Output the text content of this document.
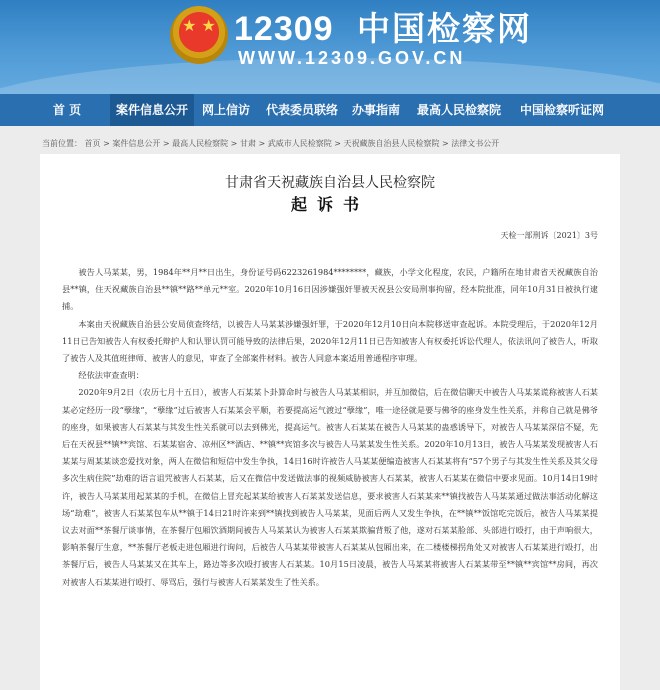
★ ★ 12309 中国检察网
WWW.12309.GOV.CN
首 页	案件信息公开	网上信访	代表委员联络	办事指南	最高人民检察院	中国检察听证网
当前位置： 首页 > 案件信息公开 > 最高人民检察院 > 甘肃 > 武威市人民检察院 > 天祝藏族自治县人民检察院 > 法律文书公开
甘肃省天祝藏族自治县人民检察院
起诉书
天检一部刑诉〔2021〕3号

被告人马某某，男，1984年**月**日出生，身份证号码6223261984********，藏族，小学文化程度，农民，户籍所在地甘肃省天祝藏族自治县**镇，住天祝藏族自治县**镇**路**单元**室。2020年10月16日因涉嫌强奸罪被天祝县公安局刑事拘留，经本院批准，同年10月31日被执行逮捕。

本案由天祝藏族自治县公安局侦查终结，以被告人马某某涉嫌强奸罪，于2020年12月10日向本院移送审查起诉。本院受理后，于2020年12月11日已告知被告人有权委托辩护人和认罪认罚可能导致的法律后果，2020年12月11日已告知被害人有权委托诉讼代理人，依法讯问了被告人，听取了被告人及其值班律师、被害人的意见，审查了全部案件材料。被告人同意本案适用普通程序审理。

经依法审查查明：

2020年9月2日（农历七月十五日），被害人石某某卜卦算命时与被告人马某某相识，并互加微信，后在微信聊天中被告人马某某谎称被害人石某某必定经历一段“孽缘”，“孽缘”过后被害人石某某会平顺，若要提高运气渡过“孽缘”，唯一途径就是要与佛爷的座身发生性关系，并称自己就是佛爷的座身，如果被害人石某某与其发生性关系就可以去到佛光，提高运气。被害人石某某在被告人马某某的蛊惑诱导下，对被告人马某某深信不疑，先后在天祝县**镇**宾馆、石某某宿舍、凉州区**酒店、**镇**宾馆多次与被告人马某某发生性关系。2020年10月13日，被告人马某某发现被害人石某某与周某某谈恋爱找对象，两人在微信和短信中发生争执，14日16时许被告人马某某便编造被害人石某某将有“57个男子与其发生性关系及其父母多次生病住院”劫难的语言诅咒被害人石某某，后又在微信中发送做法事的视频威胁被害人石某某，被害人石某某在微信中要求见面。10月14日19时许，被告人马某某用起某某的手机，在微信上冒充起某某给被害人石某某发送信息，要求被害人石某某来**镇找被告人马某某通过做法事活动化解这场“劫难”，被害人石某某包车从**镇于14日21时许来到**镇找到被告人马某某，见面后两人又发生争执，在**镇**饭馆吃完饭后，被告人马某某提议去对面**茶餐厅谈事情，在茶餐厅包厢饮酒期间被告人马某某认为被害人石某某欺骗背叛了他，遂对石某某脸部、头部进行殴打，由于声响很大，影响茶餐厅生意，**茶餐厅老板走进包厢进行询问，后被告人马某某带被害人石某某从包厢出来，在二楼楼梯拐角处又对被害人石某某进行殴打，出茶餐厅后，被告人马某某又在其车上，路边等多次殴打被害人石某某。10月15日凌晨，被告人马某某将被害人石某某带至**镇**宾馆**房间，再次对被害人石某某进行殴打、辱骂后，强行与被害人石某某发生了性关系。
